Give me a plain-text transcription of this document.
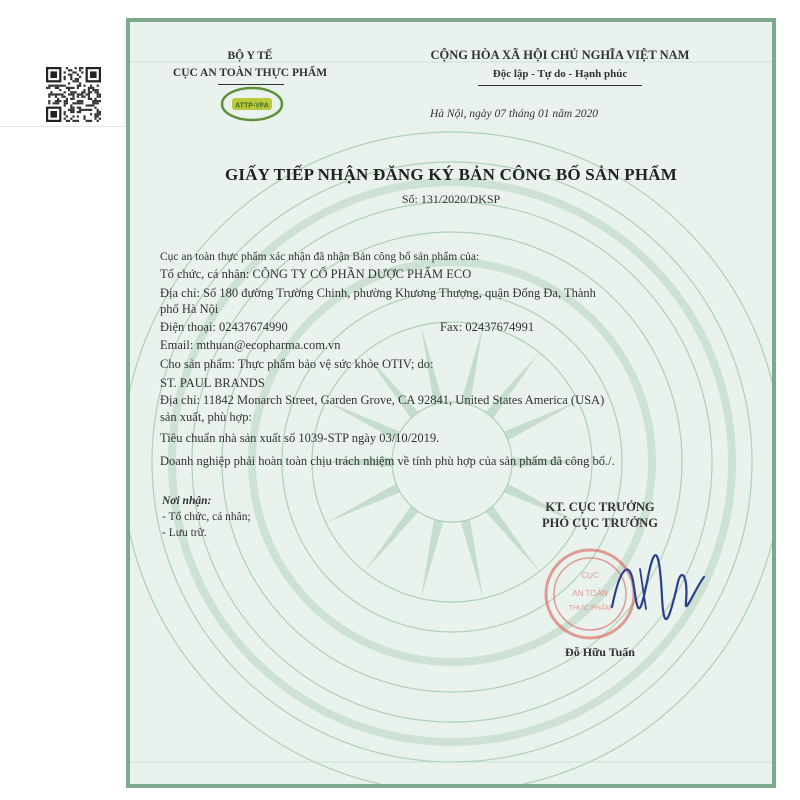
BỘ Y TẾ
CỤC AN TOÀN THỰC PHẨM
ATTP-VFA
CỘNG HÒA XÃ HỘI CHỦ NGHĨA VIỆT NAM
Độc lập - Tự do - Hạnh phúc
Hà Nội, ngày 07 tháng 01 năm 2020
GIẤY TIẾP NHẬN ĐĂNG KÝ BẢN CÔNG BỐ SẢN PHẨM
Số: 131/2020/DKSP
Cục an toàn thực phẩm xác nhận đã nhận Bản công bố sản phẩm của:
Tổ chức, cá nhân: CÔNG TY CỔ PHẦN DƯỢC PHẨM ECO
Địa chỉ: Số 180 đường Trường Chinh, phường Khương Thượng, quận Đống Đa, Thành
phố Hà Nội
Điện thoại: 02437674990	Fax: 02437674991
Email: mthuan@ecopharma.com.vn
Cho sản phẩm: Thực phẩm bảo vệ sức khỏe OTIV; do:
ST. PAUL BRANDS
Địa chỉ: 11842 Monarch Street, Garden Grove, CA 92841, United States America (USA)
sản xuất, phù hợp:
Tiêu chuẩn nhà sản xuất số 1039-STP ngày 03/10/2019.
Doanh nghiệp phải hoàn toàn chịu trách nhiệm về tính phù hợp của sản phẩm đã công bố./.
Nơi nhận:
- Tổ chức, cá nhân;
- Lưu trữ.
KT. CỤC TRƯỞNG
PHÓ CỤC TRƯỞNG
CỤC
AN TOÀN
THỰC PHẨM
Đỗ Hữu Tuấn
